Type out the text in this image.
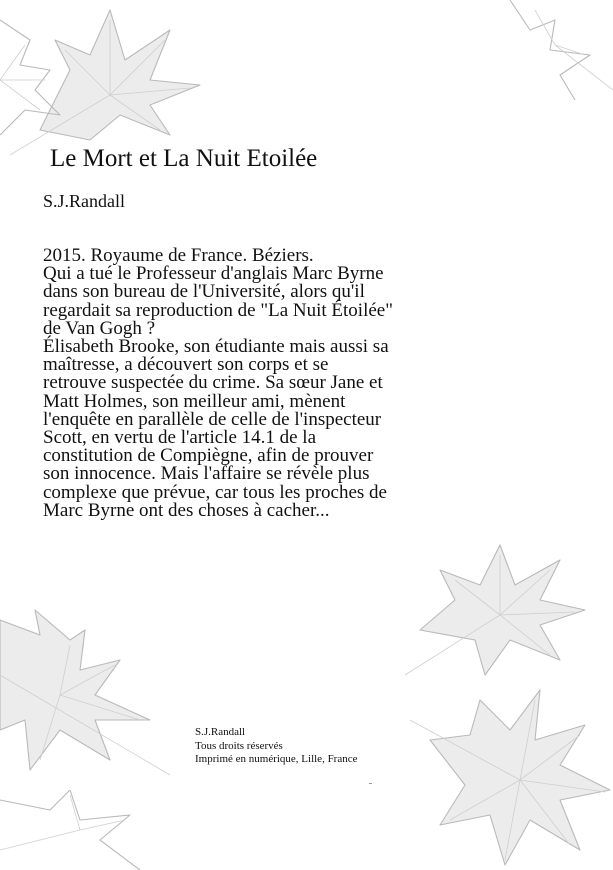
Le Mort et La Nuit Etoilée
S.J.Randall
2015. Royaume de France. Béziers.
Qui a tué le Professeur d'anglais Marc Byrne
dans son bureau de l'Université, alors qu'il
regardait sa reproduction de "La Nuit Étoilée"
de Van Gogh ?
Élisabeth Brooke, son étudiante mais aussi sa
maîtresse, a découvert son corps et se
retrouve suspectée du crime. Sa sœur Jane et
Matt Holmes, son meilleur ami, mènent
l'enquête en parallèle de celle de l'inspecteur
Scott, en vertu de l'article 14.1 de la
constitution de Compiègne, afin de prouver
son innocence. Mais l'affaire se révèle plus
complexe que prévue, car tous les proches de
Marc Byrne ont des choses à cacher...
S.J.Randall
Tous droits réservés
Imprimé en numérique, Lille, France
